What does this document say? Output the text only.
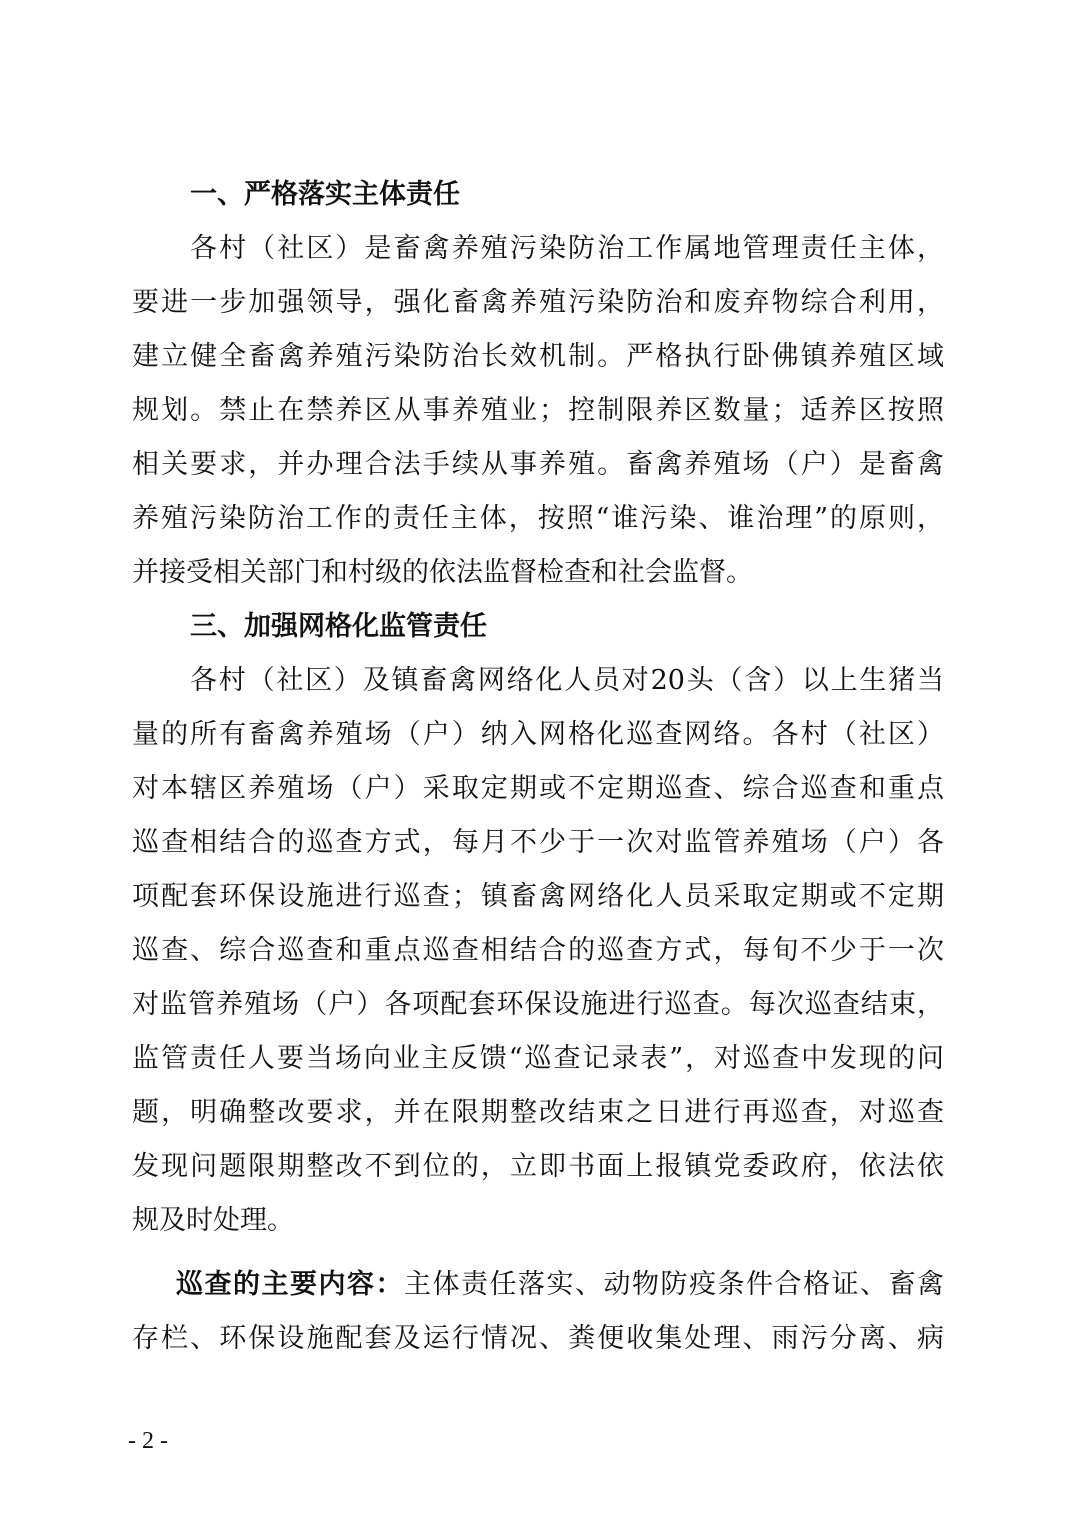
一、严格落实主体责任

各村（社区）是畜禽养殖污染防治工作属地管理责任主体，
要进一步加强领导，强化畜禽养殖污染防治和废弃物综合利用，
建立健全畜禽养殖污染防治长效机制。严格执行卧佛镇养殖区域
规划。禁止在禁养区从事养殖业；控制限养区数量；适养区按照
相关要求，并办理合法手续从事养殖。畜禽养殖场（户）是畜禽
养殖污染防治工作的责任主体，按照“谁污染、谁治理”的原则，
并接受相关部门和村级的依法监督检查和社会监督。

三、加强网格化监管责任

各村（社区）及镇畜禽网络化人员对20头（含）以上生猪当
量的所有畜禽养殖场（户）纳入网格化巡查网络。各村（社区）
对本辖区养殖场（户）采取定期或不定期巡查、综合巡查和重点
巡查相结合的巡查方式，每月不少于一次对监管养殖场（户）各
项配套环保设施进行巡查；镇畜禽网络化人员采取定期或不定期
巡查、综合巡查和重点巡查相结合的巡查方式，每旬不少于一次
对监管养殖场（户）各项配套环保设施进行巡查。每次巡查结束，
监管责任人要当场向业主反馈“巡查记录表”，对巡查中发现的问
题，明确整改要求，并在限期整改结束之日进行再巡查，对巡查
发现问题限期整改不到位的，立即书面上报镇党委政府，依法依
规及时处理。

巡查的主要内容：主体责任落实、动物防疫条件合格证、畜禽
存栏、环保设施配套及运行情况、粪便收集处理、雨污分离、病

- 2 -
